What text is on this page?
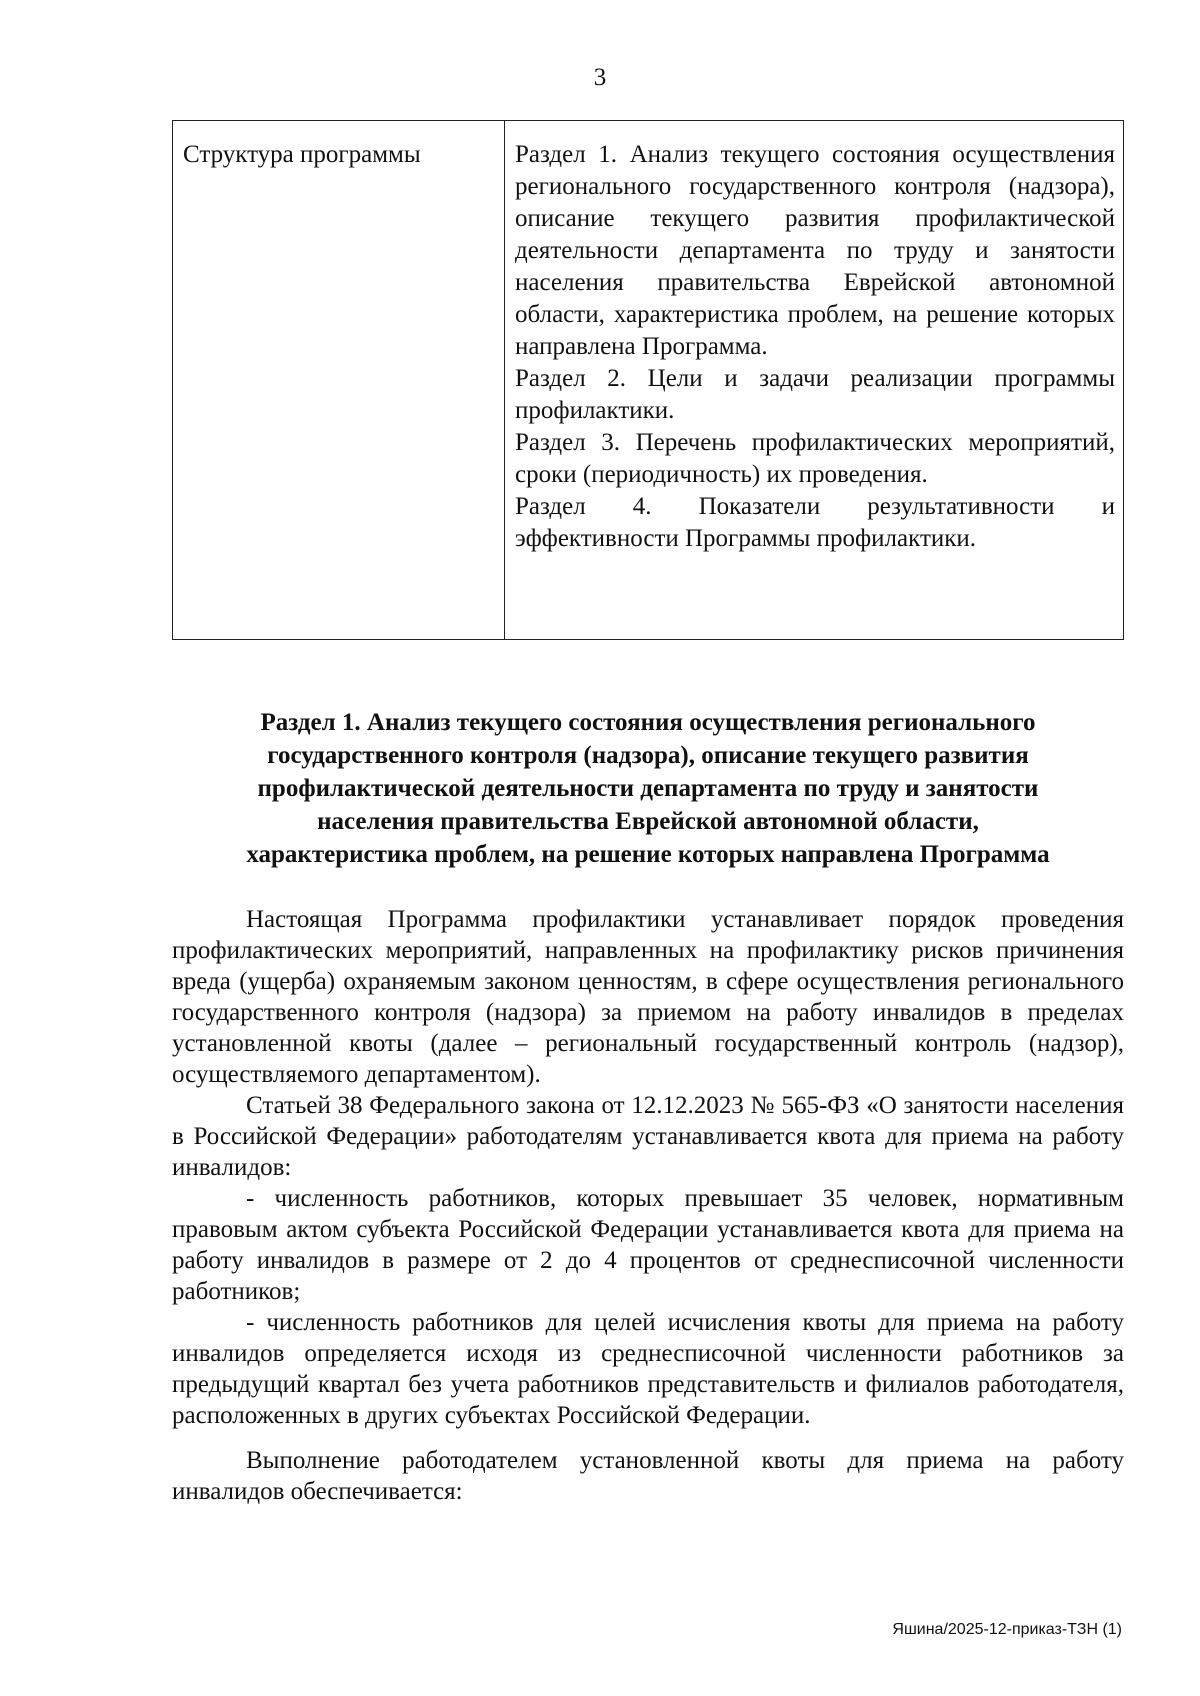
3
Структура программы	Раздел 1. Анализ текущего состояния осуществления регионального государственного контроля (надзора), описание текущего развития профилактической деятельности департамента по труду и занятости населения правительства Еврейской автономной области, характеристика проблем, на решение которых направлена Программа.

Раздел 2. Цели и задачи реализации программы профилактики.

Раздел 3. Перечень профилактических мероприятий, сроки (периодичность) их проведения.

Раздел 4. Показатели результативности и эффективности Программы профилактики.

Раздел 1. Анализ текущего состояния осуществления регионального
государственного контроля (надзора), описание текущего развития
профилактической деятельности департамента по труду и занятости
населения правительства Еврейской автономной области,
характеристика проблем, на решение которых направлена Программа

Настоящая Программа профилактики устанавливает порядок проведения профилактических мероприятий, направленных на профилактику рисков причинения вреда (ущерба) охраняемым законом ценностям, в сфере осуществления регионального государственного контроля (надзора) за приемом на работу инвалидов в пределах установленной квоты (далее – региональный государственный контроль (надзор), осуществляемого департаментом).

Статьей 38 Федерального закона от 12.12.2023 № 565-ФЗ «О занятости населения в Российской Федерации» работодателям устанавливается квота для приема на работу инвалидов:

- численность работников, которых превышает 35 человек, нормативным правовым актом субъекта Российской Федерации устанавливается квота для приема на работу инвалидов в размере от 2 до 4 процентов от среднесписочной численности работников;

- численность работников для целей исчисления квоты для приема на работу инвалидов определяется исходя из среднесписочной численности работников за предыдущий квартал без учета работников представительств и филиалов работодателя, расположенных в других субъектах Российской Федерации.

Выполнение работодателем установленной квоты для приема на работу инвалидов обеспечивается:

Яшина/2025-12-приказ-ТЗН (1)
